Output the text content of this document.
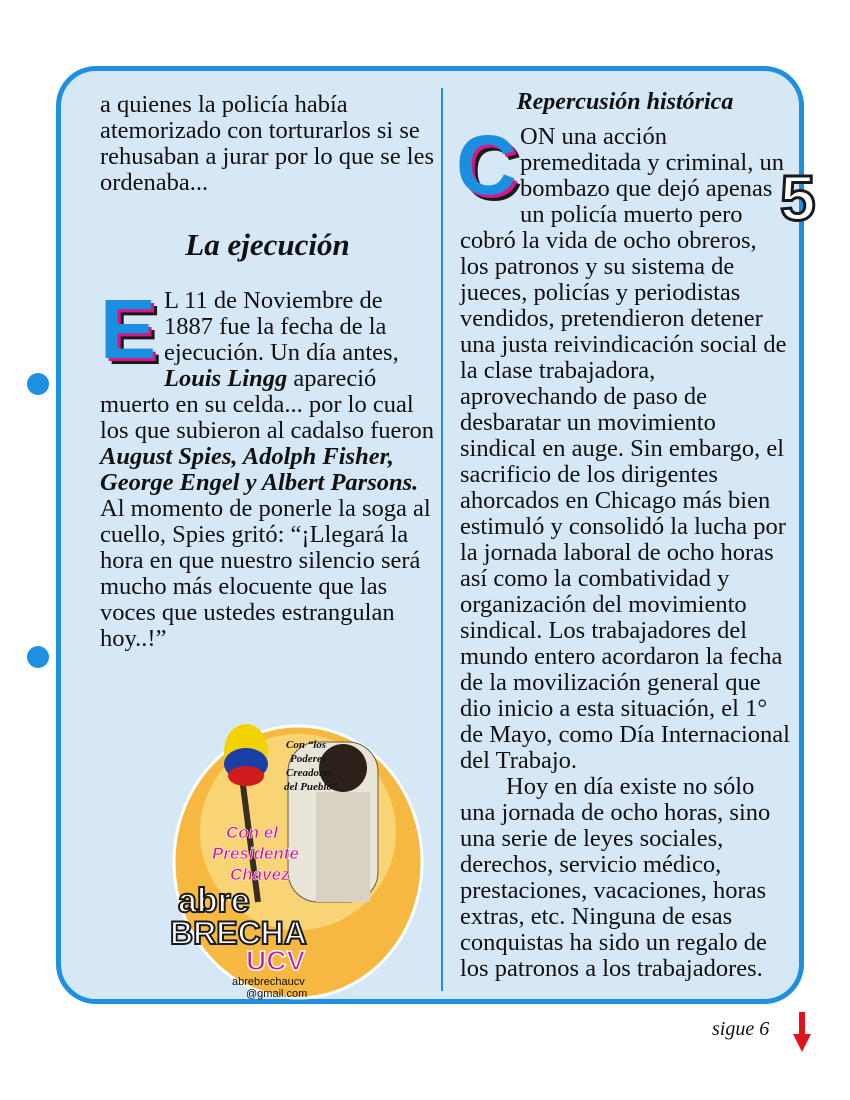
a quienes la policía había atemorizado con torturarlos si se rehusaban a jurar por lo que se les ordenaba...

La ejecución

E L 11 de Noviembre de 1887 fue la fecha de la ejecución. Un día antes, Louis Lingg apareció muerto en su celda... por lo cual los que subieron al cadalso fueron August Spies, Adolph Fisher, George Engel y Albert Parsons. Al momento de ponerle la soga al cuello, Spies gritó: “¡Llegará la hora en que nuestro silencio será mucho más elocuente que las voces que ustedes estrangulan hoy..!”

Con “los
Poderes
Creadores
del Pueblo”
Con el
Presidente
Chávez
abre
BRECHA
UCV
abrebrechaucv
@gmail.com

Repercusión histórica

CON una acción premeditada y criminal, un bombazo que dejó apenas un policía muerto pero cobró la vida de ocho obreros, los patronos y su sistema de jueces, policías y periodistas vendidos, pretendieron detener una justa reivindicación social de la clase trabajadora, aprovechando de paso de desbaratar un movimiento sindical en auge. Sin embargo, el sacrificio de los dirigentes ahorcados en Chicago más bien estimuló y consolidó la lucha por la jornada laboral de ocho horas así como la combatividad y organización del movimiento sindical. Los trabajadores del mundo entero acordaron la fecha de la movilización general que dio inicio a esta situación, el 1° de Mayo, como Día Internacional del Trabajo.

Hoy en día existe no sólo una jornada de ocho horas, sino una serie de leyes sociales, derechos, servicio médico, prestaciones, vacaciones, horas extras, etc. Ninguna de esas conquistas ha sido un regalo de los patronos a los trabajadores.

5
sigue 6
